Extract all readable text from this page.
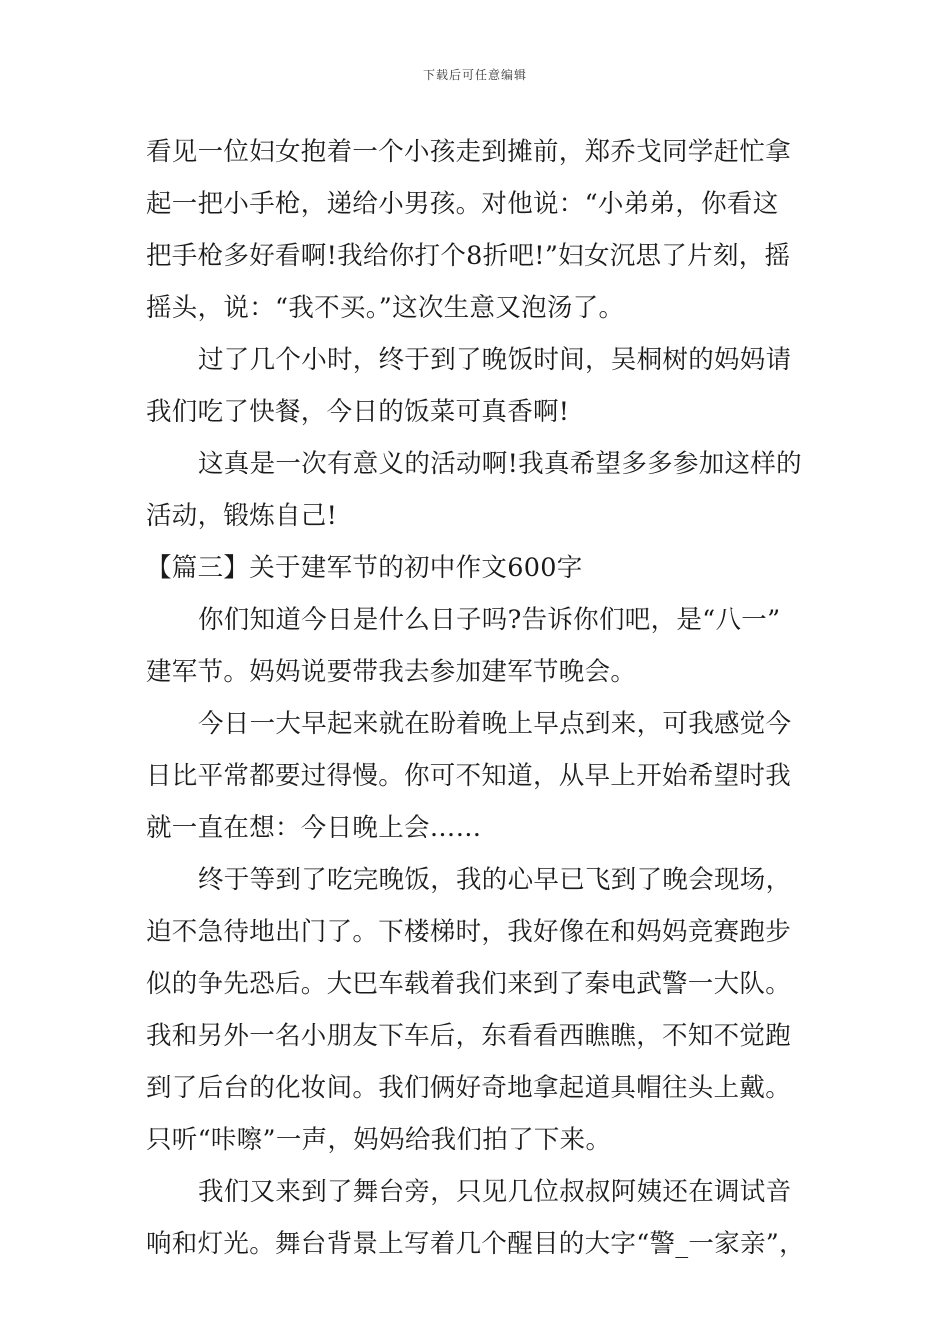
下载后可任意编辑
看见一位妇女抱着一个小孩走到摊前，郑乔戈同学赶忙拿
起一把小手枪，递给小男孩。对他说：“小弟弟，你看这
把手枪多好看啊!我给你打个8折吧!”妇女沉思了片刻，摇
摇头，说：“我不买。”这次生意又泡汤了。
过了几个小时，终于到了晚饭时间，吴桐树的妈妈请
我们吃了快餐，今日的饭菜可真香啊!
这真是一次有意义的活动啊!我真希望多多参加这样的
活动，锻炼自己!
【篇三】关于建军节的初中作文600字
你们知道今日是什么日子吗?告诉你们吧，是“八一”
建军节。妈妈说要带我去参加建军节晚会。
今日一大早起来就在盼着晚上早点到来，可我感觉今
日比平常都要过得慢。你可不知道，从早上开始希望时我
就一直在想：今日晚上会……
终于等到了吃完晚饭，我的心早已飞到了晚会现场，
迫不急待地出门了。下楼梯时，我好像在和妈妈竞赛跑步
似的争先恐后。大巴车载着我们来到了秦电武警一大队。
我和另外一名小朋友下车后，东看看西瞧瞧，不知不觉跑
到了后台的化妆间。我们俩好奇地拿起道具帽往头上戴。
只听“咔嚓”一声，妈妈给我们拍了下来。
我们又来到了舞台旁，只见几位叔叔阿姨还在调试音
响和灯光。舞台背景上写着几个醒目的大字“警_一家亲”，
